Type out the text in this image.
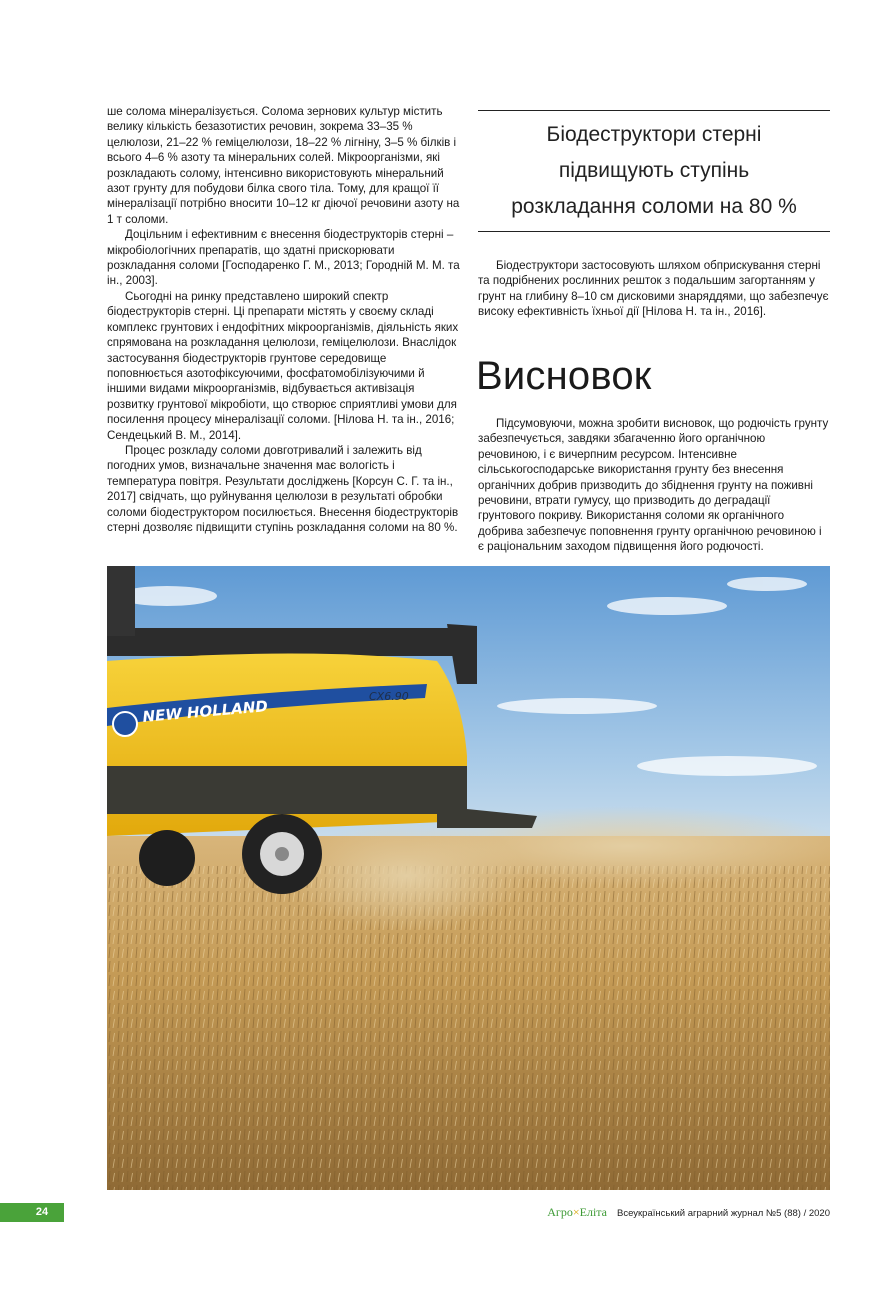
ше солома мінералізується. Солома зернових культур містить велику кількість безазотистих речовин, зокрема 33–35 % целюлози, 21–22 % геміцелюлози, 18–22 % лігніну, 3–5 % білків і всього 4–6 % азоту та мінеральних солей. Мікроорганізми, які розкладають солому, інтенсивно використовують мінеральний азот грунту для побудови білка свого тіла. Тому, для кращої її мінералізації потрібно вносити 10–12 кг діючої речовини азоту на 1 т соломи.

Доцільним і ефективним є внесення біодеструкторів стерні – мікробіологічних препаратів, що здатні прискорювати розкладання соломи [Господаренко Г. М., 2013; Городній М. М. та ін., 2003].

Сьогодні на ринку представлено широкий спектр біодеструкторів стерні. Ці препарати містять у своєму складі комплекс грунтових і ендофітних мікроорганізмів, діяльність яких спрямована на розкладання целюлози, геміцелюлози. Внаслідок застосування біодеструкторів грунтове середовище поповнюється азотофіксуючими, фосфатомобілізуючими й іншими видами мікроорганізмів, відбувається активізація розвитку грунтової мікробіоти, що створює сприятливі умови для посилення процесу мінералізації соломи. [Нілова Н. та ін., 2016; Сендецький В. М., 2014].

Процес розкладу соломи довготривалий і залежить від погодних умов, визначальне значення має вологість і температура повітря. Результати досліджень [Корсун С. Г. та ін., 2017] свідчать, що руйнування целюлози в результаті обробки соломи біодеструктором посилюється. Внесення біодеструкторів стерні дозволяє підвищити ступінь розкладання соломи на 80 %.

Біодеструктори стерні підвищують ступінь розкладання соломи на 80 %

Біодеструктори застосовують шляхом обприскування стерні та подрібнених рослинних решток з подальшим загортанням у грунт на глибину 8–10 см дисковими знаряддями, що забезпечує високу ефективність їхньої дії [Нілова Н. та ін., 2016].

Висновок

Підсумовуючи, можна зробити висновок, що родючість грунту забезпечується, завдяки збагаченню його органічною речовиною, і є вичерпним ресурсом. Інтенсивне сільськогосподарське використання грунту без внесення органічних добрив призводить до збіднення грунту на поживні речовини, втрати гумусу, що призводить до деградації грунтового покриву. Використання соломи як органічного добрива забезпечує поповнення грунту органічною речовиною і є раціональним заходом підвищення його родючості.

NEW HOLLAND
CX6.90
24	Агро×Еліта Всеукраїнський аграрний журнал №5 (88) / 2020
